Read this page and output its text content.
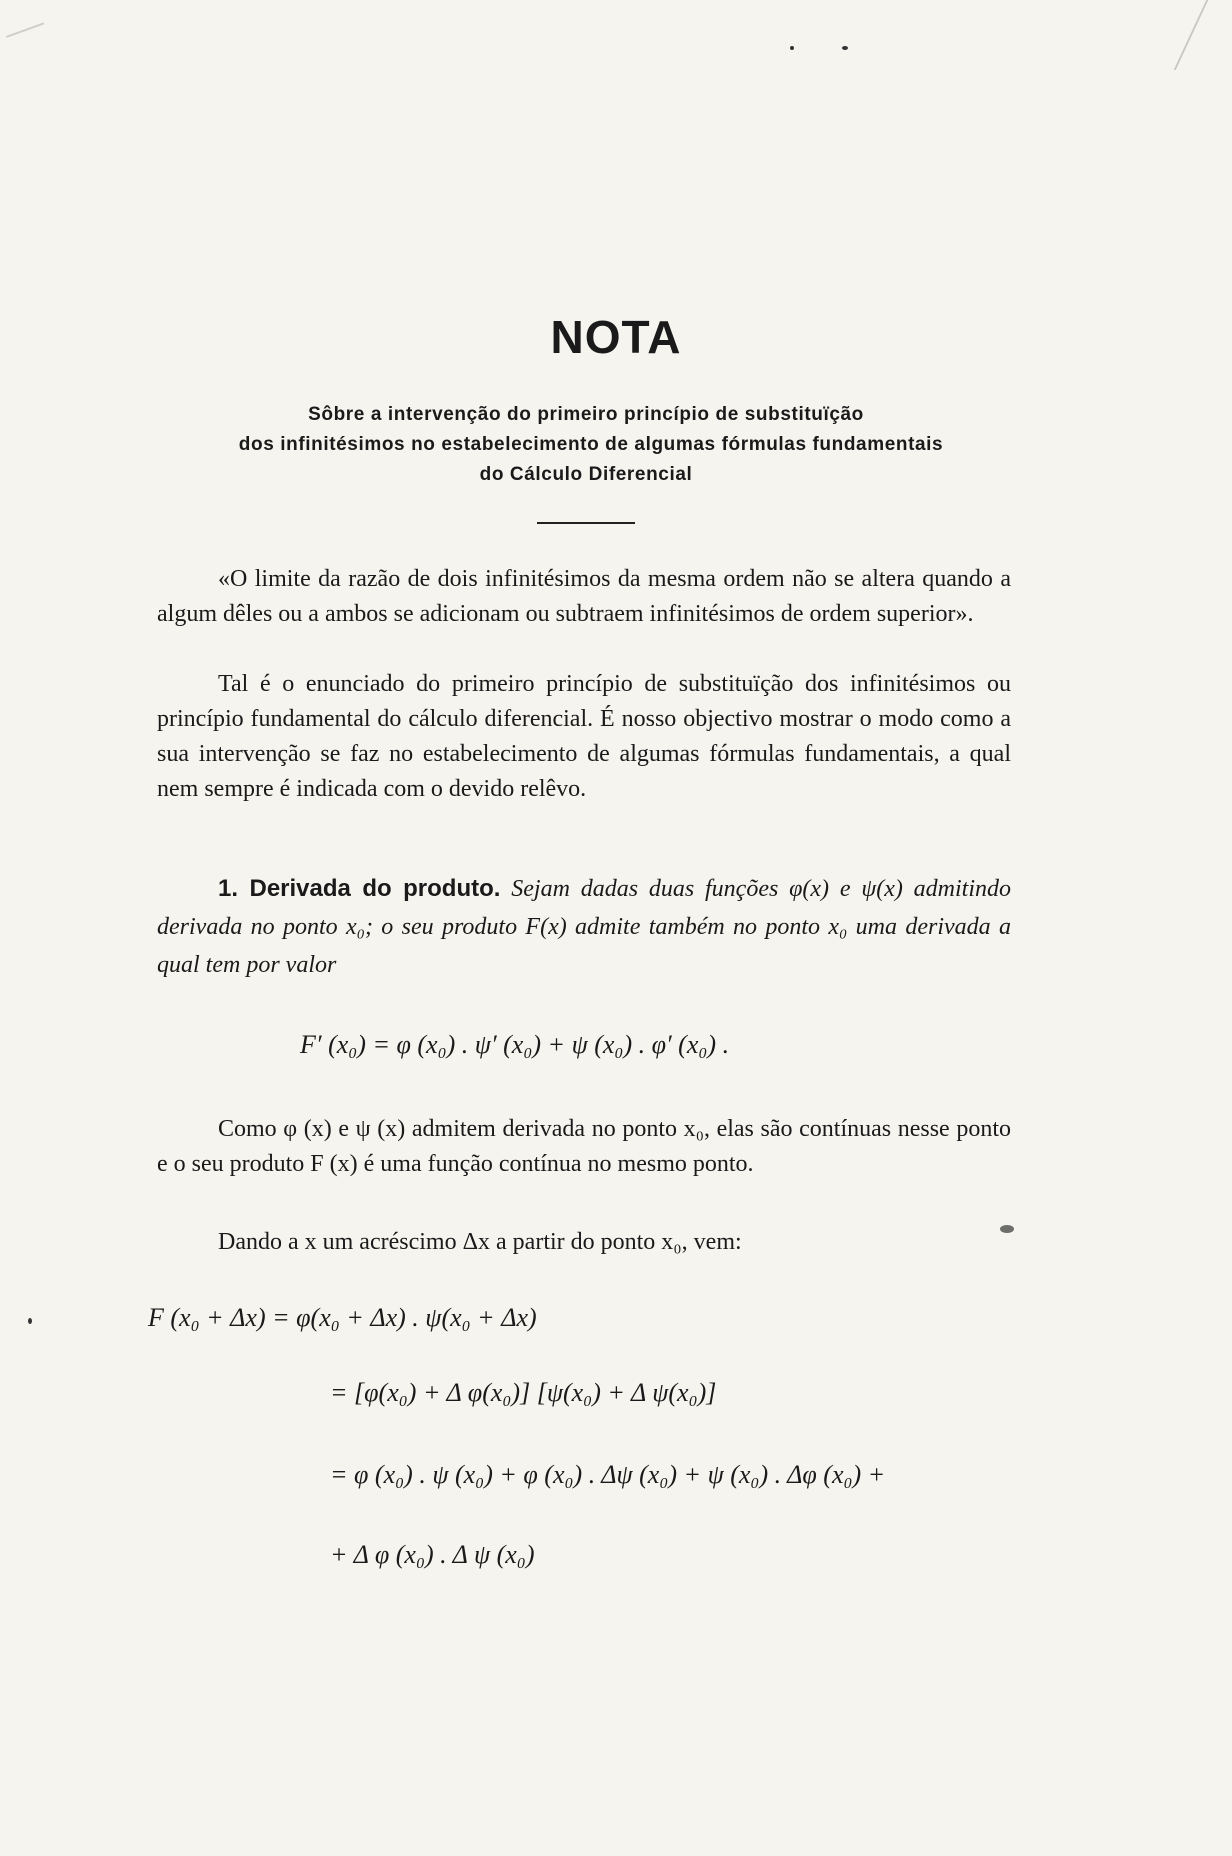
NOTA
Sôbre a intervenção do primeiro princípio de substituïção
dos infinitésimos no estabelecimento de algumas fórmulas fundamentais
do Cálculo Diferencial
«O limite da razão de dois infinitésimos da mesma ordem não se altera quando a algum dêles ou a ambos se adicionam ou subtraem infinitésimos de ordem superior».
Tal é o enunciado do primeiro princípio de substituïção dos infinitésimos ou princípio fundamental do cálculo diferencial. É nosso objectivo mostrar o modo como a sua intervenção se faz no estabelecimento de algumas fórmulas fundamentais, a qual nem sempre é indicada com o devido relêvo.
1. Derivada do produto. Sejam dadas duas funções φ(x) e ψ(x) admitindo derivada no ponto x₀; o seu produto F(x) admite também no ponto x₀ uma derivada a qual tem por valor
F′ (x₀) = φ (x₀) . ψ′ (x₀) + ψ (x₀) . φ′ (x₀) .
Como φ (x) e ψ (x) admitem derivada no ponto x₀, elas são contínuas nesse ponto e o seu produto F (x) é uma função contínua no mesmo ponto.
Dando a x um acréscimo Δx a partir do ponto x₀, vem:
F (x₀ + Δx) = φ(x₀ + Δx) . ψ(x₀ + Δx)
= [φ(x₀) + Δ φ(x₀)] [ψ(x₀) + Δ ψ(x₀)]
= φ (x₀) . ψ (x₀) + φ (x₀) . Δψ (x₀) + ψ (x₀) . Δφ (x₀) +
+ Δ φ (x₀) . Δ ψ (x₀)
